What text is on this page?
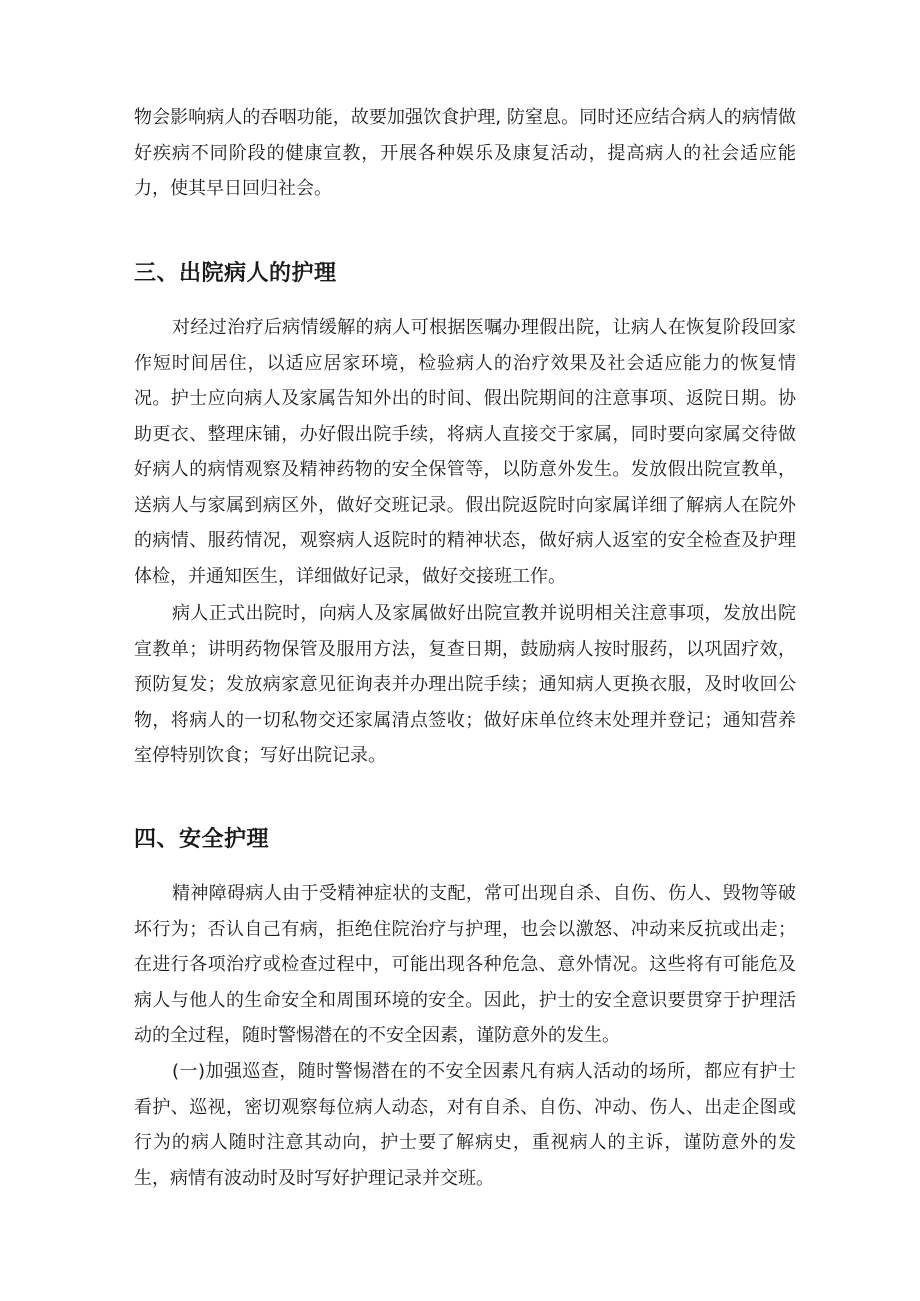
物会影响病人的吞咽功能，故要加强饮食护理, 防窒息。同时还应结合病人的病情做好疾病不同阶段的健康宣教，开展各种娱乐及康复活动，提高病人的社会适应能力，使其早日回归社会。

三、出院病人的护理

对经过治疗后病情缓解的病人可根据医嘱办理假出院，让病人在恢复阶段回家作短时间居住，以适应居家环境，检验病人的治疗效果及社会适应能力的恢复情况。护士应向病人及家属告知外出的时间、假出院期间的注意事项、返院日期。协助更衣、整理床铺，办好假出院手续，将病人直接交于家属，同时要向家属交待做好病人的病情观察及精神药物的安全保管等，以防意外发生。发放假出院宣教单，送病人与家属到病区外，做好交班记录。假出院返院时向家属详细了解病人在院外的病情、服药情况，观察病人返院时的精神状态，做好病人返室的安全检查及护理体检，并通知医生，详细做好记录，做好交接班工作。

病人正式出院时，向病人及家属做好出院宣教并说明相关注意事项，发放出院宣教单；讲明药物保管及服用方法，复查日期，鼓励病人按时服药，以巩固疗效，预防复发；发放病家意见征询表并办理出院手续；通知病人更换衣服，及时收回公物，将病人的一切私物交还家属清点签收；做好床单位终末处理并登记；通知营养室停特别饮食；写好出院记录。

四、安全护理

精神障碍病人由于受精神症状的支配，常可出现自杀、自伤、伤人、毁物等破坏行为；否认自己有病，拒绝住院治疗与护理，也会以激怒、冲动来反抗或出走；在进行各项治疗或检查过程中，可能出现各种危急、意外情况。这些将有可能危及病人与他人的生命安全和周围环境的安全。因此，护士的安全意识要贯穿于护理活动的全过程，随时警惕潜在的不安全因素，谨防意外的发生。

(一)加强巡查，随时警惕潜在的不安全因素凡有病人活动的场所，都应有护士看护、巡视，密切观察每位病人动态，对有自杀、自伤、冲动、伤人、出走企图或行为的病人随时注意其动向，护士要了解病史，重视病人的主诉，谨防意外的发生，病情有波动时及时写好护理记录并交班。
